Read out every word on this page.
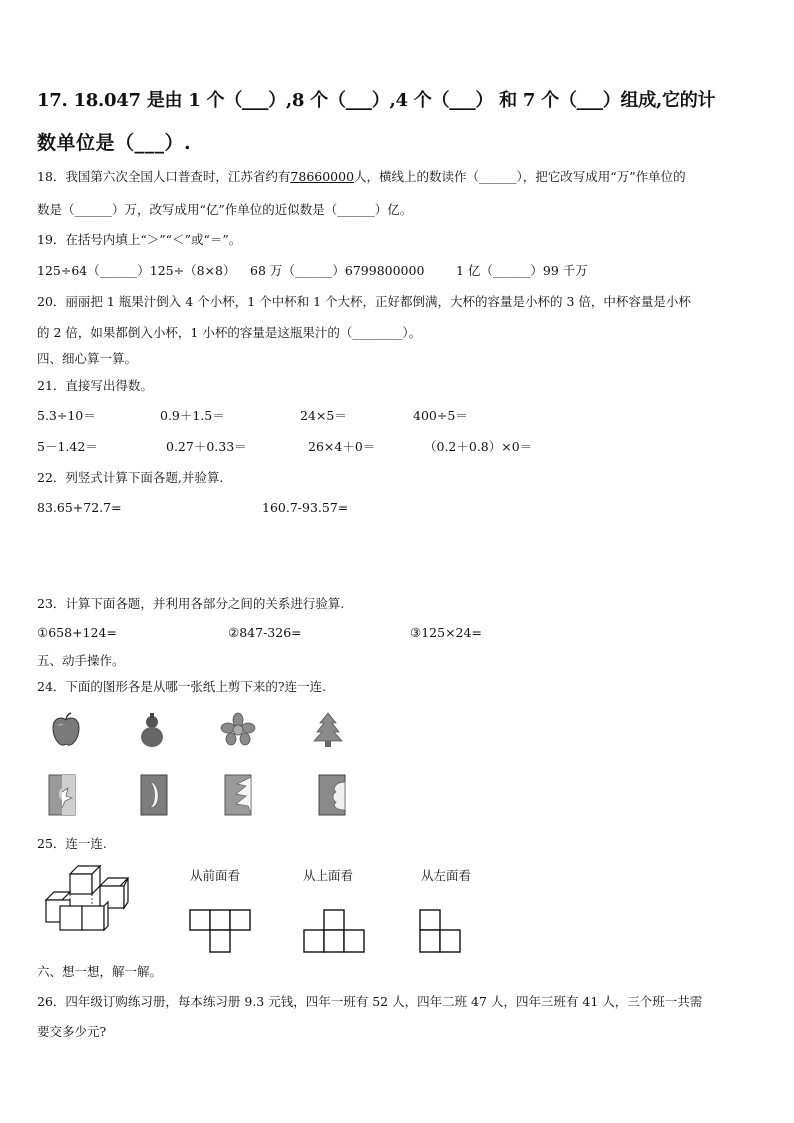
17. 18.047 是由 1 个（___）,8 个（___）,4 个（___） 和 7 个（___）组成,它的计
数单位是（___）.
18．我国第六次全国人口普查时，江苏省约有78660000人，横线上的数读作（______），把它改写成用“万”作单位的
数是（______）万，改写成用“亿”作单位的近似数是（______）亿。
19．在括号内填上“＞”“＜”或“＝”。
125÷64（______）125÷（8×8） 68 万（______）6799800000	1 亿（______）99 千万
20．丽丽把 1 瓶果汁倒入 4 个小杯，1 个中杯和 1 个大杯，正好都倒满，大杯的容量是小杯的 3 倍，中杯容量是小杯
的 2 倍，如果都倒入小杯，1 小杯的容量是这瓶果汁的（________）。
四、细心算一算。
21．直接写出得数。
5.3÷10＝	0.9＋1.5＝	24×5＝	400÷5＝
5－1.42＝	0.27＋0.33＝	26×4＋0＝	（0.2＋0.8）×0＝
22．列竖式计算下面各题,并验算.
83.65+72.7=	160.7-93.57=
23．计算下面各题，并利用各部分之间的关系进行验算.
①658+124=	②847-326=	③125×24=
五、动手操作。
24．下面的图形各是从哪一张纸上剪下来的?连一连.
25．连一连.
从前面看	从上面看	从左面看
六、想一想，解一解。
26．四年级订购练习册，每本练习册 9.3 元钱，四年一班有 52 人，四年二班 47 人，四年三班有 41 人，三个班一共需
要交多少元?
